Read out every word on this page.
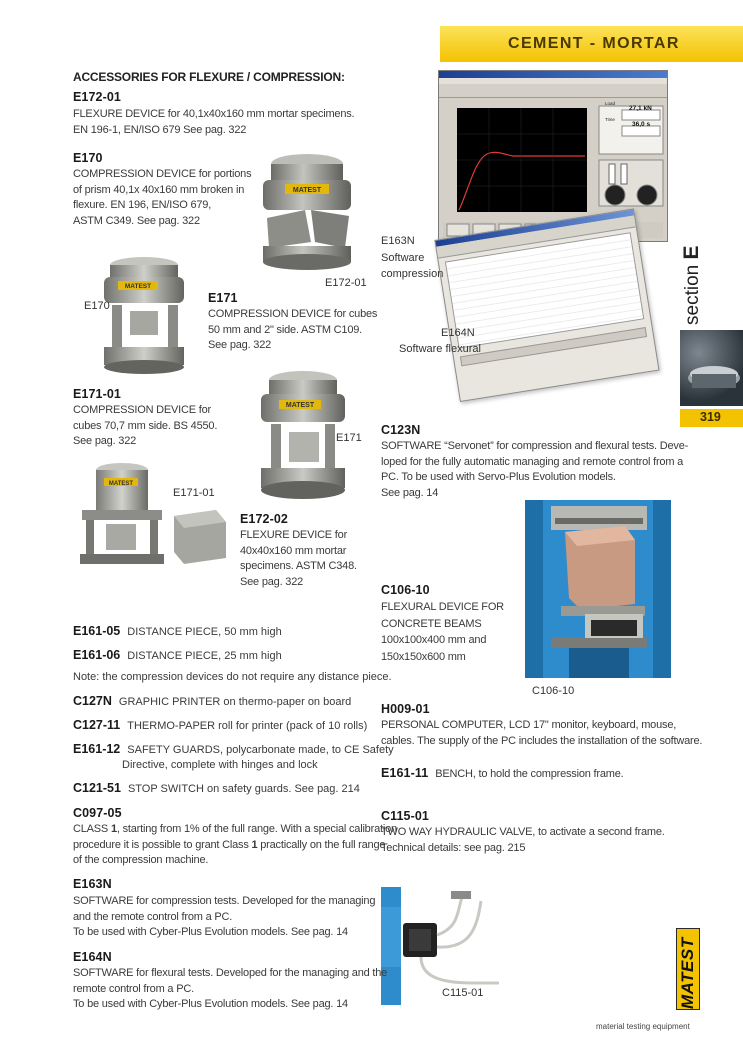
CEMENT - MORTAR
section E
319
ACCESSORIES FOR FLEXURE / COMPRESSION:
E172-01
FLEXURE DEVICE for 40,1x40x160 mm mortar specimens.
EN 196-1, EN/ISO 679 See pag. 322
E170
COMPRESSION DEVICE for portions
of prism 40,1x 40x160 mm broken in
flexure. EN 196, EN/ISO 679,
ASTM C349. See pag. 322
MATEST
E172-01
MATEST
E170
E171
COMPRESSION DEVICE for cubes
50 mm and 2" side. ASTM C109.
See pag. 322
E171-01
COMPRESSION DEVICE for
cubes 70,7 mm side. BS 4550.
See pag. 322
MATEST
E171
MATEST
E171-01
E172-02
FLEXURE DEVICE for
40x40x160 mm mortar
specimens. ASTM C348.
See pag. 322
Load
27,1 kN
Time
36,0 s
E163N
Software
compression
E164N
Software flexural
C123N
SOFTWARE “Servonet” for compression and flexural tests. Deve-
loped for the fully automatic managing and remote control from a
PC. To be used with Servo-Plus Evolution models.
See pag. 14
C106-10
C106-10
FLEXURAL DEVICE FOR
CONCRETE BEAMS
100x100x400 mm and
150x150x600 mm
H009-01
PERSONAL COMPUTER, LCD 17" monitor, keyboard, mouse,
cables. The supply of the PC includes the installation of the software.
E161-11 BENCH, to hold the compression frame.
C115-01
TWO WAY HYDRAULIC VALVE, to activate a second frame.
Technical details: see pag. 215
C115-01
E161-05 DISTANCE PIECE, 50 mm high
E161-06 DISTANCE PIECE, 25 mm high
Note: the compression devices do not require any distance piece.
C127N GRAPHIC PRINTER on thermo-paper on board
C127-11 THERMO-PAPER roll for printer (pack of 10 rolls)
E161-12 SAFETY GUARDS, polycarbonate made, to CE Safety
Directive, complete with hinges and lock
C121-51 STOP SWITCH on safety guards. See pag. 214
C097-05
CLASS 1, starting from 1% of the full range. With a special calibration
procedure it is possible to grant Class 1 practically on the full range
of the compression machine.
E163N
SOFTWARE for compression tests. Developed for the managing
and the remote control from a PC.
To be used with Cyber-Plus Evolution models. See pag. 14
E164N
SOFTWARE for flexural tests. Developed for the managing and the
remote control from a PC.
To be used with Cyber-Plus Evolution models. See pag. 14	MATEST
material testing equipment
